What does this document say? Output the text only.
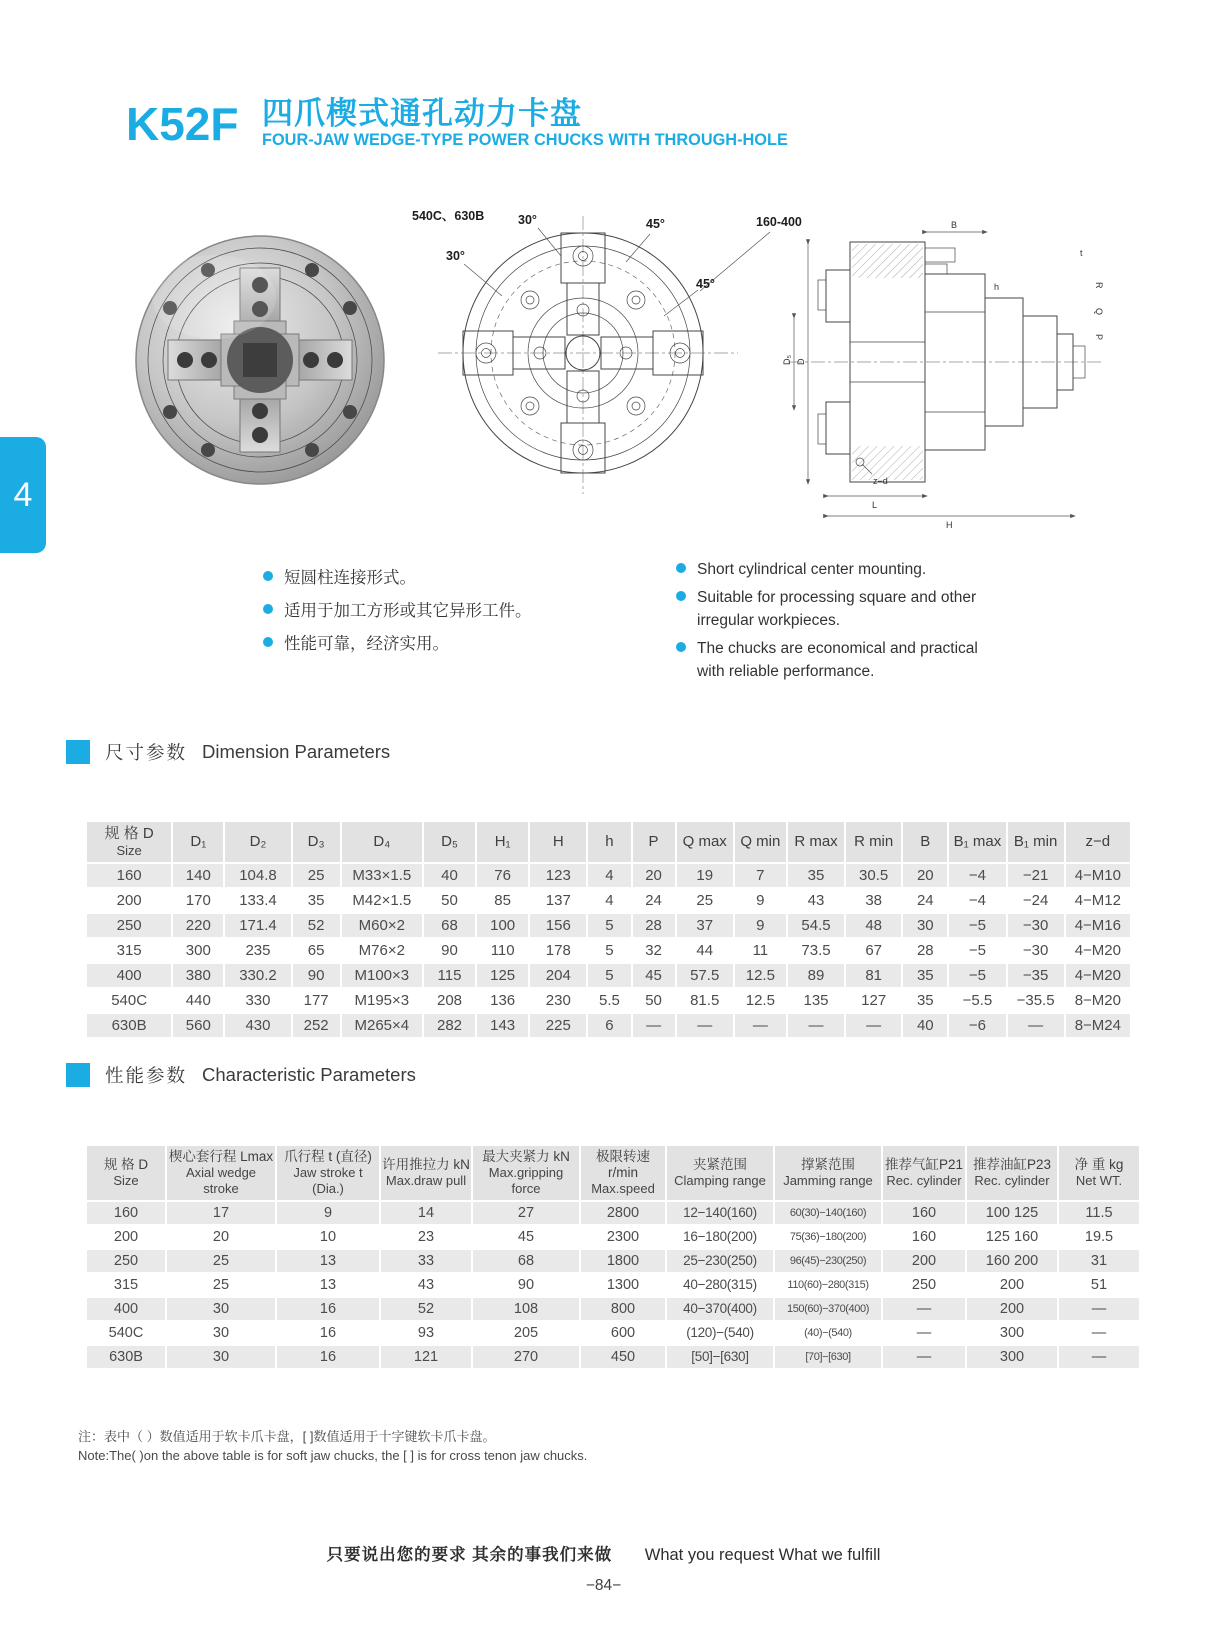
K52F 四爪楔式通孔动力卡盘
FOUR-JAW WEDGE-TYPE POWER CHUCKS WITH THROUGH-HOLE
4
540C、630B	30°
30°
45°
45°
160-400
D
D₅
B
h
z−d
L
H
R
Q
P
t
短圆柱连接形式。
适用于加工方形或其它异形工件。
性能可靠，经济实用。
Short cylindrical center mounting.
Suitable for processing square and other irregular workpieces.
The chucks are economical and practical with reliable performance.
尺寸参数 Dimension Parameters
规 格 D
Size	D₁	D₂	D₃	D₄	D₅	H₁	H	h	P	Q max	Q min	R max	R min	B	B₁ max	B₁ min	z−d

160	140	104.8	25	M33×1.5	40	76	123	4	20	19	7	35	30.5	20	−4	−21	4−M10
200	170	133.4	35	M42×1.5	50	85	137	4	24	25	9	43	38	24	−4	−24	4−M12
250	220	171.4	52	M60×2	68	100	156	5	28	37	9	54.5	48	30	−5	−30	4−M16
315	300	235	65	M76×2	90	110	178	5	32	44	11	73.5	67	28	−5	−30	4−M20
400	380	330.2	90	M100×3	115	125	204	5	45	57.5	12.5	89	81	35	−5	−35	4−M20
540C	440	330	177	M195×3	208	136	230	5.5	50	81.5	12.5	135	127	35	−5.5	−35.5	8−M20
630B	560	430	252	M265×4	282	143	225	6	—	—	—	—	—	40	−6	—	8−M24
性能参数 Characteristic Parameters
规 格 D
Size

楔心套行程 Lmax
Axial wedge stroke

爪行程 t (直径)
Jaw stroke t (Dia.)

许用推拉力 kN
Max.draw pull

最大夹紧力 kN
Max.gripping force

极限转速 r/min
Max.speed

夹紧范围
Clamping range

撑紧范围
Jamming range

推荐气缸P21
Rec. cylinder

推荐油缸P23
Rec. cylinder

净 重 kg
Net WT.

160	17	9	14	27	2800	12−140(160)	60(30)−140(160)	160	100 125	11.5
200	20	10	23	45	2300	16−180(200)	75(36)−180(200)	160	125 160	19.5
250	25	13	33	68	1800	25−230(250)	96(45)−230(250)	200	160 200	31
315	25	13	43	90	1300	40−280(315)	110(60)−280(315)	250	200	51
400	30	16	52	108	800	40−370(400)	150(60)−370(400)	—	200	—
540C	30	16	93	205	600	(120)−(540)	(40)−(540)	—	300	—
630B	30	16	121	270	450	[50]−[630]	[70]−[630]	—	300	—
注：表中（ ）数值适用于软卡爪卡盘，[ ]数值适用于十字键软卡爪卡盘。
Note:The( )on the above table is for soft jaw chucks, the [ ] is for cross tenon jaw chucks.
只要说出您的要求 其余的事我们来做 What you request What we fulfill
−84−
